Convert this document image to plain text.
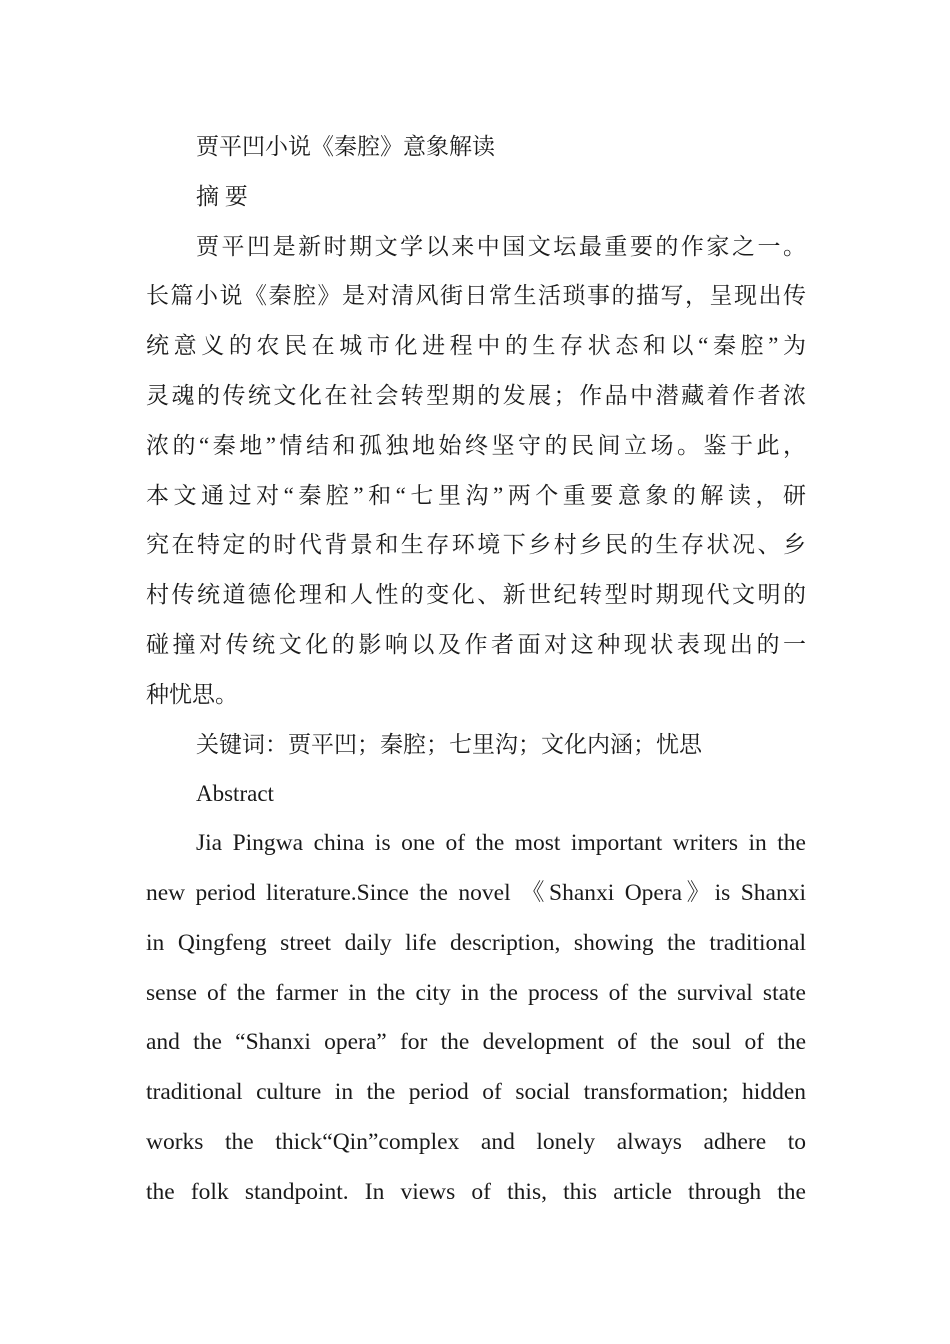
贾平凹小说《秦腔》意象解读
摘 要
贾平凹是新时期文学以来中国文坛最重要的作家之一。
长篇小说《秦腔》是对清风街日常生活琐事的描写，呈现出传
统意义的农民在城市化进程中的生存状态和以“秦腔”为
灵魂的传统文化在社会转型期的发展；作品中潜藏着作者浓
浓的“秦地”情结和孤独地始终坚守的民间立场。鉴于此，
本文通过对“秦腔”和“七里沟”两个重要意象的解读，研
究在特定的时代背景和生存环境下乡村乡民的生存状况、乡
村传统道德伦理和人性的变化、新世纪转型时期现代文明的
碰撞对传统文化的影响以及作者面对这种现状表现出的一
种忧思。
关键词：贾平凹；秦腔；七里沟；文化内涵；忧思
Abstract
Jia Pingwa china is one of the most important writers in the
new period literature.Since the novel 《Shanxi Opera》is Shanxi
in Qingfeng street daily life description, showing the traditional
sense of the farmer in the city in the process of the survival state
and the “Shanxi opera” for the development of the soul of the
traditional culture in the period of social transformation; hidden
works the thick“Qin”complex and lonely always adhere to
the folk standpoint. In views of this, this article through the
